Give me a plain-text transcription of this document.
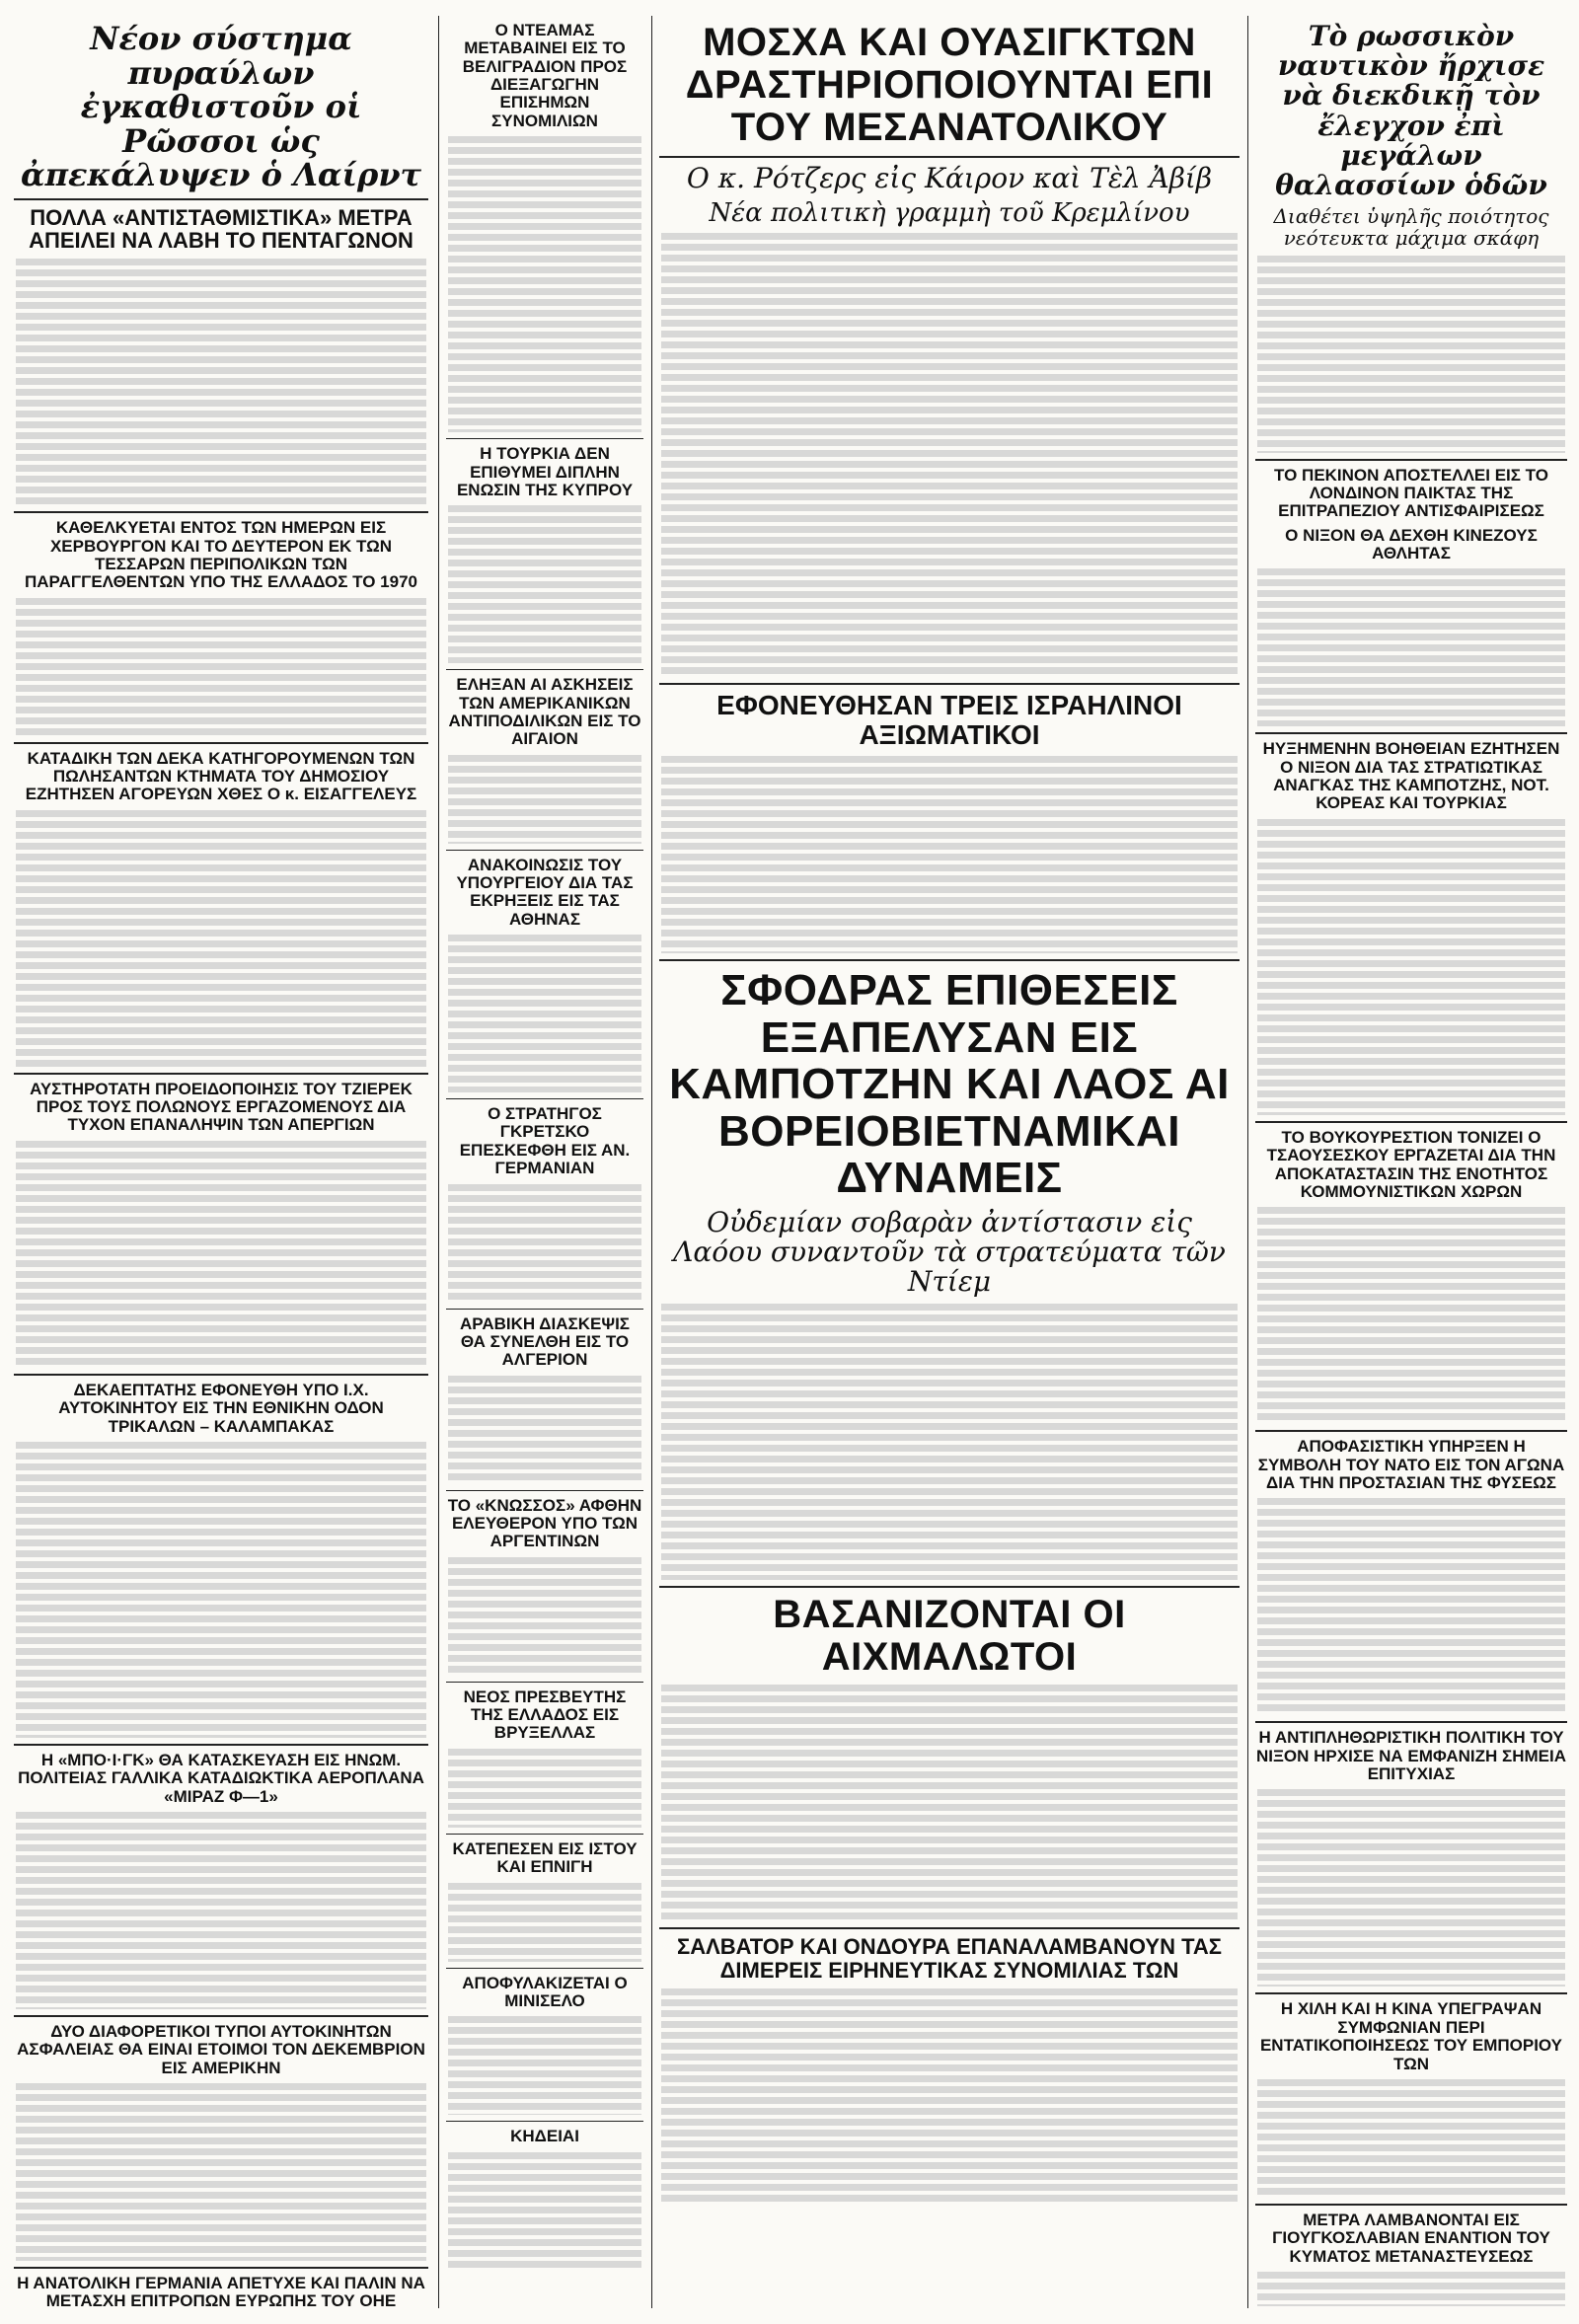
Νέον σύστημα πυραύλων ἐγκαθιστοῦν οἱ Ρῶσσοι ὡς ἀπεκάλυψεν ὁ Λαίρντ
ΠΟΛΛΑ «ΑΝΤΙΣΤΑΘΜΙΣΤΙΚΑ» ΜΕΤΡΑ ΑΠΕΙΛΕΙ ΝΑ ΛΑΒΗ ΤΟ ΠΕΝΤΑΓΩΝΟΝ
ΚΑΘΕΛΚΥΕΤΑΙ ΕΝΤΟΣ ΤΩΝ ΗΜΕΡΩΝ ΕΙΣ ΧΕΡΒΟΥΡΓΟΝ ΚΑΙ ΤΟ ΔΕΥΤΕΡΟΝ ΕΚ ΤΩΝ ΤΕΣΣΑΡΩΝ ΠΕΡΙΠΟΛΙΚΩΝ ΤΩΝ ΠΑΡΑΓΓΕΛΘΕΝΤΩΝ ΥΠΟ ΤΗΣ ΕΛΛΑΔΟΣ ΤΟ 1970
ΚΑΤΑΔΙΚΗ ΤΩΝ ΔΕΚΑ ΚΑΤΗΓΟΡΟΥΜΕΝΩΝ ΤΩΝ ΠΩΛΗΣΑΝΤΩΝ ΚΤΗΜΑΤΑ ΤΟΥ ΔΗΜΟΣΙΟΥ ΕΖΗΤΗΣΕΝ ΑΓΟΡΕΥΩΝ ΧΘΕΣ Ο κ. ΕΙΣΑΓΓΕΛΕΥΣ
ΑΥΣΤΗΡΟΤΑΤΗ ΠΡΟΕΙΔΟΠΟΙΗΣΙΣ ΤΟΥ ΤΖΙΕΡΕΚ ΠΡΟΣ ΤΟΥΣ ΠΟΛΩΝΟΥΣ ΕΡΓΑΖΟΜΕΝΟΥΣ ΔΙΑ ΤΥΧΟΝ ΕΠΑΝΑΛΗΨΙΝ ΤΩΝ ΑΠΕΡΓΙΩΝ
ΔΕΚΑΕΠΤΑΤΗΣ ΕΦΟΝΕΥΘΗ ΥΠΟ Ι.Χ. ΑΥΤΟΚΙΝΗΤΟΥ ΕΙΣ ΤΗΝ ΕΘΝΙΚΗΝ ΟΔΟΝ ΤΡΙΚΑΛΩΝ – ΚΑΛΑΜΠΑΚΑΣ
Η «ΜΠΟ·Ι·ΓΚ» ΘΑ ΚΑΤΑΣΚΕΥΑΣΗ ΕΙΣ ΗΝΩΜ. ΠΟΛΙΤΕΙΑΣ ΓΑΛΛΙΚΑ ΚΑΤΑΔΙΩΚΤΙΚΑ ΑΕΡΟΠΛΑΝΑ «ΜΙΡΑΖ Φ—1»
ΔΥΟ ΔΙΑΦΟΡΕΤΙΚΟΙ ΤΥΠΟΙ ΑΥΤΟΚΙΝΗΤΩΝ ΑΣΦΑΛΕΙΑΣ ΘΑ ΕΙΝΑΙ ΕΤΟΙΜΟΙ ΤΟΝ ΔΕΚΕΜΒΡΙΟΝ ΕΙΣ ΑΜΕΡΙΚΗΝ
Η ΑΝΑΤΟΛΙΚΗ ΓΕΡΜΑΝΙΑ ΑΠΕΤΥΧΕ ΚΑΙ ΠΑΛΙΝ ΝΑ ΜΕΤΑΣΧΗ ΕΠΙΤΡΟΠΩΝ ΕΥΡΩΠΗΣ ΤΟΥ ΟΗΕ
Ο ΝΤΕΑΜΑΣ ΜΕΤΑΒΑΙΝΕΙ ΕΙΣ ΤΟ ΒΕΛΙΓΡΑΔΙΟΝ ΠΡΟΣ ΔΙΕΞΑΓΩΓΗΝ ΕΠΙΣΗΜΩΝ ΣΥΝΟΜΙΛΙΩΝ
Η ΤΟΥΡΚΙΑ ΔΕΝ ΕΠΙΘΥΜΕΙ ΔΙΠΛΗΝ ΕΝΩΣΙΝ ΤΗΣ ΚΥΠΡΟΥ
ΕΛΗΞΑΝ ΑΙ ΑΣΚΗΣΕΙΣ ΤΩΝ ΑΜΕΡΙΚΑΝΙΚΩΝ ΑΝΤΙΠΟΔΙΛΙΚΩΝ ΕΙΣ ΤΟ ΑΙΓΑΙΟΝ
ΑΝΑΚΟΙΝΩΣΙΣ ΤΟΥ ΥΠΟΥΡΓΕΙΟΥ ΔΙΑ ΤΑΣ ΕΚΡΗΞΕΙΣ ΕΙΣ ΤΑΣ ΑΘΗΝΑΣ
Ο ΣΤΡΑΤΗΓΟΣ ΓΚΡΕΤΣΚΟ ΕΠΕΣΚΕΦΘΗ ΕΙΣ ΑΝ. ΓΕΡΜΑΝΙΑΝ
ΑΡΑΒΙΚΗ ΔΙΑΣΚΕΨΙΣ ΘΑ ΣΥΝΕΛΘΗ ΕΙΣ ΤΟ ΑΛΓΕΡΙΟΝ
ΤΟ «ΚΝΩΣΣΟΣ» ΑΦΘΗΝ ΕΛΕΥΘΕΡΟΝ ΥΠΟ ΤΩΝ ΑΡΓΕΝΤΙΝΩΝ
ΝΕΟΣ ΠΡΕΣΒΕΥΤΗΣ ΤΗΣ ΕΛΛΑΔΟΣ ΕΙΣ ΒΡΥΞΕΛΛΑΣ
ΚΑΤΕΠΕΣΕΝ ΕΙΣ ΙΣΤΟΥ ΚΑΙ ΕΠΝΙΓΗ
ΑΠΟΦΥΛΑΚΙΖΕΤΑΙ Ο ΜΙΝΙΣΕΛΟ
ΚΗΔΕΙΑΙ
ΜΟΣΧΑ ΚΑΙ ΟΥΑΣΙΓΚΤΩΝ ΔΡΑΣΤΗΡΙΟΠΟΙΟΥΝΤΑΙ ΕΠΙ ΤΟΥ ΜΕΣΑΝΑΤΟΛΙΚΟΥ
Ο κ. Ρότζερς εἰς Κάιρον καὶ Τὲλ Ἀβίβ
Νέα πολιτικὴ γραμμὴ τοῦ Κρεμλίνου
ΕΦΟΝΕΥΘΗΣΑΝ ΤΡΕΙΣ ΙΣΡΑΗΛΙΝΟΙ ΑΞΙΩΜΑΤΙΚΟΙ
ΣΦΟΔΡΑΣ ΕΠΙΘΕΣΕΙΣ ΕΞΑΠΕΛΥΣΑΝ ΕΙΣ ΚΑΜΠΟΤΖΗΝ ΚΑΙ ΛΑΟΣ ΑΙ ΒΟΡΕΙΟΒΙΕΤΝΑΜΙΚΑΙ ΔΥΝΑΜΕΙΣ
Οὐδεμίαν σοβαρὰν ἀντίστασιν εἰς Λαόου συναντοῦν τὰ στρατεύματα τῶν Ντίεμ
ΒΑΣΑΝΙΖΟΝΤΑΙ ΟΙ ΑΙΧΜΑΛΩΤΟΙ
ΣΑΛΒΑΤΟΡ ΚΑΙ ΟΝΔΟΥΡΑ ΕΠΑΝΑΛΑΜΒΑΝΟΥΝ ΤΑΣ ΔΙΜΕΡΕΙΣ ΕΙΡΗΝΕΥΤΙΚΑΣ ΣΥΝΟΜΙΛΙΑΣ ΤΩΝ
Τὸ ρωσσικὸν ναυτικὸν ἤρχισε νὰ διεκδικῇ τὸν ἔλεγχον ἐπὶ μεγάλων θαλασσίων ὁδῶν
Διαθέτει ὑψηλῆς ποιότητος νεότευκτα μάχιμα σκάφη
ΤΟ ΠΕΚΙΝΟΝ ΑΠΟΣΤΕΛΛΕΙ ΕΙΣ ΤΟ ΛΟΝΔΙΝΟΝ ΠΑΙΚΤΑΣ ΤΗΣ ΕΠΙΤΡΑΠΕΖΙΟΥ ΑΝΤΙΣΦΑΙΡΙΣΕΩΣ
Ο ΝΙΞΟΝ ΘΑ ΔΕΧΘΗ ΚΙΝΕΖΟΥΣ ΑΘΛΗΤΑΣ
ΗΥΞΗΜΕΝΗΝ ΒΟΗΘΕΙΑΝ ΕΖΗΤΗΣΕΝ Ο ΝΙΞΟΝ ΔΙΑ ΤΑΣ ΣΤΡΑΤΙΩΤΙΚΑΣ ΑΝΑΓΚΑΣ ΤΗΣ ΚΑΜΠΟΤΖΗΣ, ΝΟΤ. ΚΟΡΕΑΣ ΚΑΙ ΤΟΥΡΚΙΑΣ
ΤΟ ΒΟΥΚΟΥΡΕΣΤΙΟΝ ΤΟΝΙΖΕΙ Ο ΤΣΑΟΥΣΕΣΚΟΥ ΕΡΓΑΖΕΤΑΙ ΔΙΑ ΤΗΝ ΑΠΟΚΑΤΑΣΤΑΣΙΝ ΤΗΣ ΕΝΟΤΗΤΟΣ ΚΟΜΜΟΥΝΙΣΤΙΚΩΝ ΧΩΡΩΝ
ΑΠΟΦΑΣΙΣΤΙΚΗ ΥΠΗΡΞΕΝ Η ΣΥΜΒΟΛΗ ΤΟΥ ΝΑΤΟ ΕΙΣ ΤΟΝ ΑΓΩΝΑ ΔΙΑ ΤΗΝ ΠΡΟΣΤΑΣΙΑΝ ΤΗΣ ΦΥΣΕΩΣ
Η ΑΝΤΙΠΛΗΘΩΡΙΣΤΙΚΗ ΠΟΛΙΤΙΚΗ ΤΟΥ ΝΙΞΟΝ ΗΡΧΙΣΕ ΝΑ ΕΜΦΑΝΙΖΗ ΣΗΜΕΙΑ ΕΠΙΤΥΧΙΑΣ
Η ΧΙΛΗ ΚΑΙ Η ΚΙΝΑ ΥΠΕΓΡΑΨΑΝ ΣΥΜΦΩΝΙΑΝ ΠΕΡΙ ΕΝΤΑΤΙΚΟΠΟΙΗΣΕΩΣ ΤΟΥ ΕΜΠΟΡΙΟΥ ΤΩΝ
ΜΕΤΡΑ ΛΑΜΒΑΝΟΝΤΑΙ ΕΙΣ ΓΙΟΥΓΚΟΣΛΑΒΙΑΝ ΕΝΑΝΤΙΟΝ ΤΟΥ ΚΥΜΑΤΟΣ ΜΕΤΑΝΑΣΤΕΥΣΕΩΣ
